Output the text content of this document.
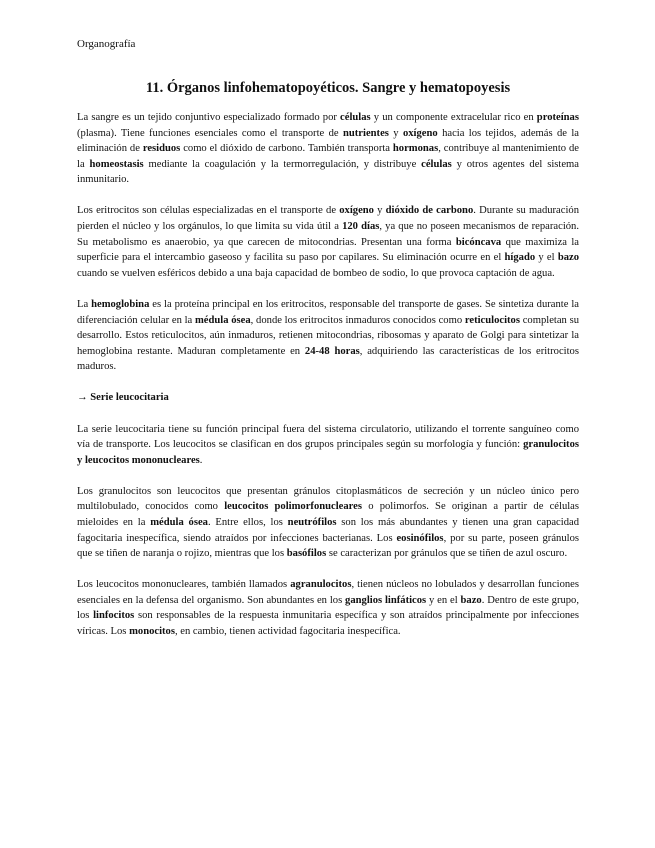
Organografía
11. Órganos linfohematopoyéticos. Sangre y hematopoyesis

La sangre es un tejido conjuntivo especializado formado por células y un componente extracelular rico en proteínas (plasma). Tiene funciones esenciales como el transporte de nutrientes y oxígeno hacia los tejidos, además de la eliminación de residuos como el dióxido de carbono. También transporta hormonas, contribuye al mantenimiento de la homeostasis mediante la coagulación y la termorregulación, y distribuye células y otros agentes del sistema inmunitario.

Los eritrocitos son células especializadas en el transporte de oxígeno y dióxido de carbono. Durante su maduración pierden el núcleo y los orgánulos, lo que limita su vida útil a 120 días, ya que no poseen mecanismos de reparación. Su metabolismo es anaerobio, ya que carecen de mitocondrias. Presentan una forma bicóncava que maximiza la superficie para el intercambio gaseoso y facilita su paso por capilares. Su eliminación ocurre en el hígado y el bazo cuando se vuelven esféricos debido a una baja capacidad de bombeo de sodio, lo que provoca captación de agua.

La hemoglobina es la proteína principal en los eritrocitos, responsable del transporte de gases. Se sintetiza durante la diferenciación celular en la médula ósea, donde los eritrocitos inmaduros conocidos como reticulocitos completan su desarrollo. Estos reticulocitos, aún inmaduros, retienen mitocondrias, ribosomas y aparato de Golgi para sintetizar la hemoglobina restante. Maduran completamente en 24-48 horas, adquiriendo las características de los eritrocitos maduros.

→ Serie leucocitaria

La serie leucocitaria tiene su función principal fuera del sistema circulatorio, utilizando el torrente sanguíneo como vía de transporte. Los leucocitos se clasifican en dos grupos principales según su morfología y función: granulocitos y leucocitos mononucleares.

Los granulocitos son leucocitos que presentan gránulos citoplasmáticos de secreción y un núcleo único pero multilobulado, conocidos como leucocitos polimorfonucleares o polimorfos. Se originan a partir de células mieloides en la médula ósea. Entre ellos, los neutrófilos son los más abundantes y tienen una gran capacidad fagocitaria inespecífica, siendo atraídos por infecciones bacterianas. Los eosinófilos, por su parte, poseen gránulos que se tiñen de naranja o rojizo, mientras que los basófilos se caracterizan por gránulos que se tiñen de azul oscuro.

Los leucocitos mononucleares, también llamados agranulocitos, tienen núcleos no lobulados y desarrollan funciones esenciales en la defensa del organismo. Son abundantes en los ganglios linfáticos y en el bazo. Dentro de este grupo, los linfocitos son responsables de la respuesta inmunitaria específica y son atraídos principalmente por infecciones víricas. Los monocitos, en cambio, tienen actividad fagocitaria inespecífica.
